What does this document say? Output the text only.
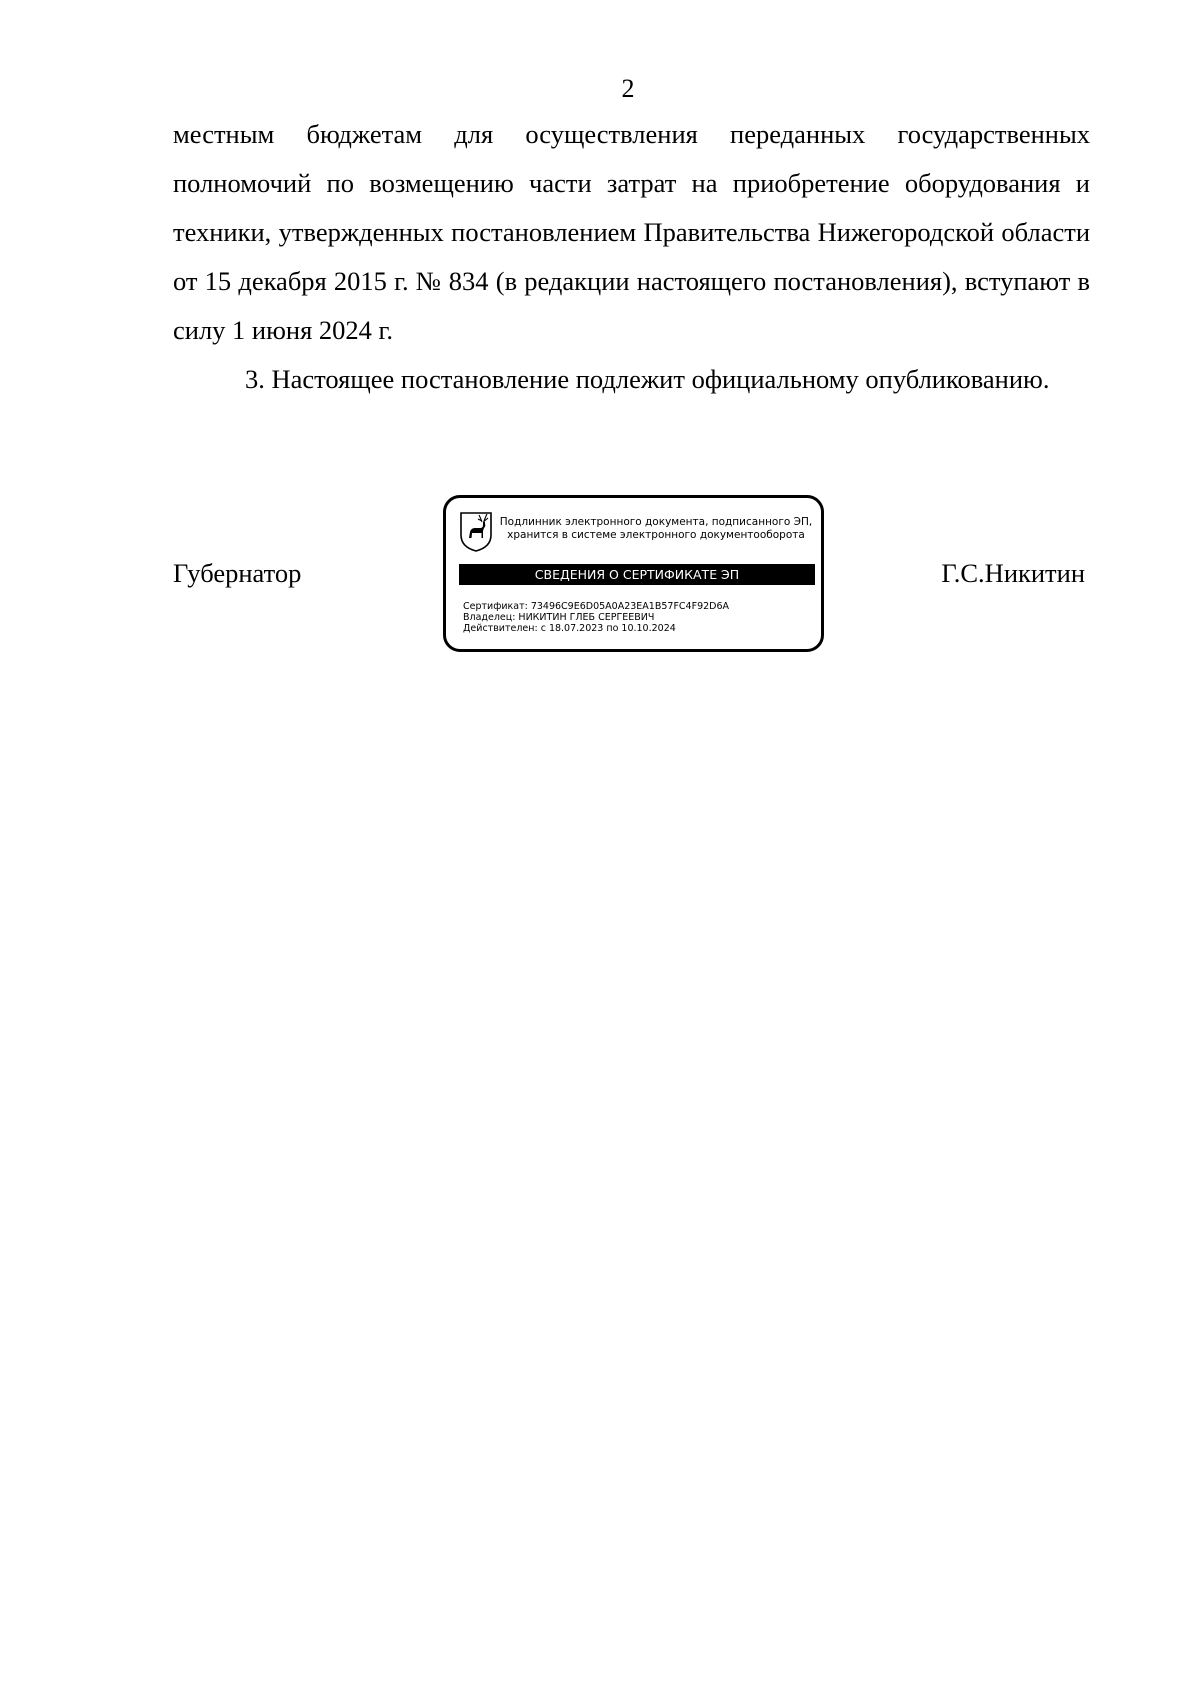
2

местным бюджетам для осуществления переданных государственных полномочий по возмещению части затрат на приобретение оборудования и техники, утвержденных постановлением Правительства Нижегородской области от 15 декабря 2015 г. № 834 (в редакции настоящего постановления), вступают в силу 1 июня 2024 г.

3. Настоящее постановление подлежит официальному опубликованию.

Губернатор	Г.С.Никитин
Подлинник электронного документа, подписанного ЭП,
хранится в системе электронного документооборота
СВЕДЕНИЯ О СЕРТИФИКАТЕ ЭП
Сертификат: 73496C9E6D05A0A23EA1B57FC4F92D6A
Владелец: НИКИТИН ГЛЕБ СЕРГЕЕВИЧ
Действителен: с 18.07.2023 по 10.10.2024
